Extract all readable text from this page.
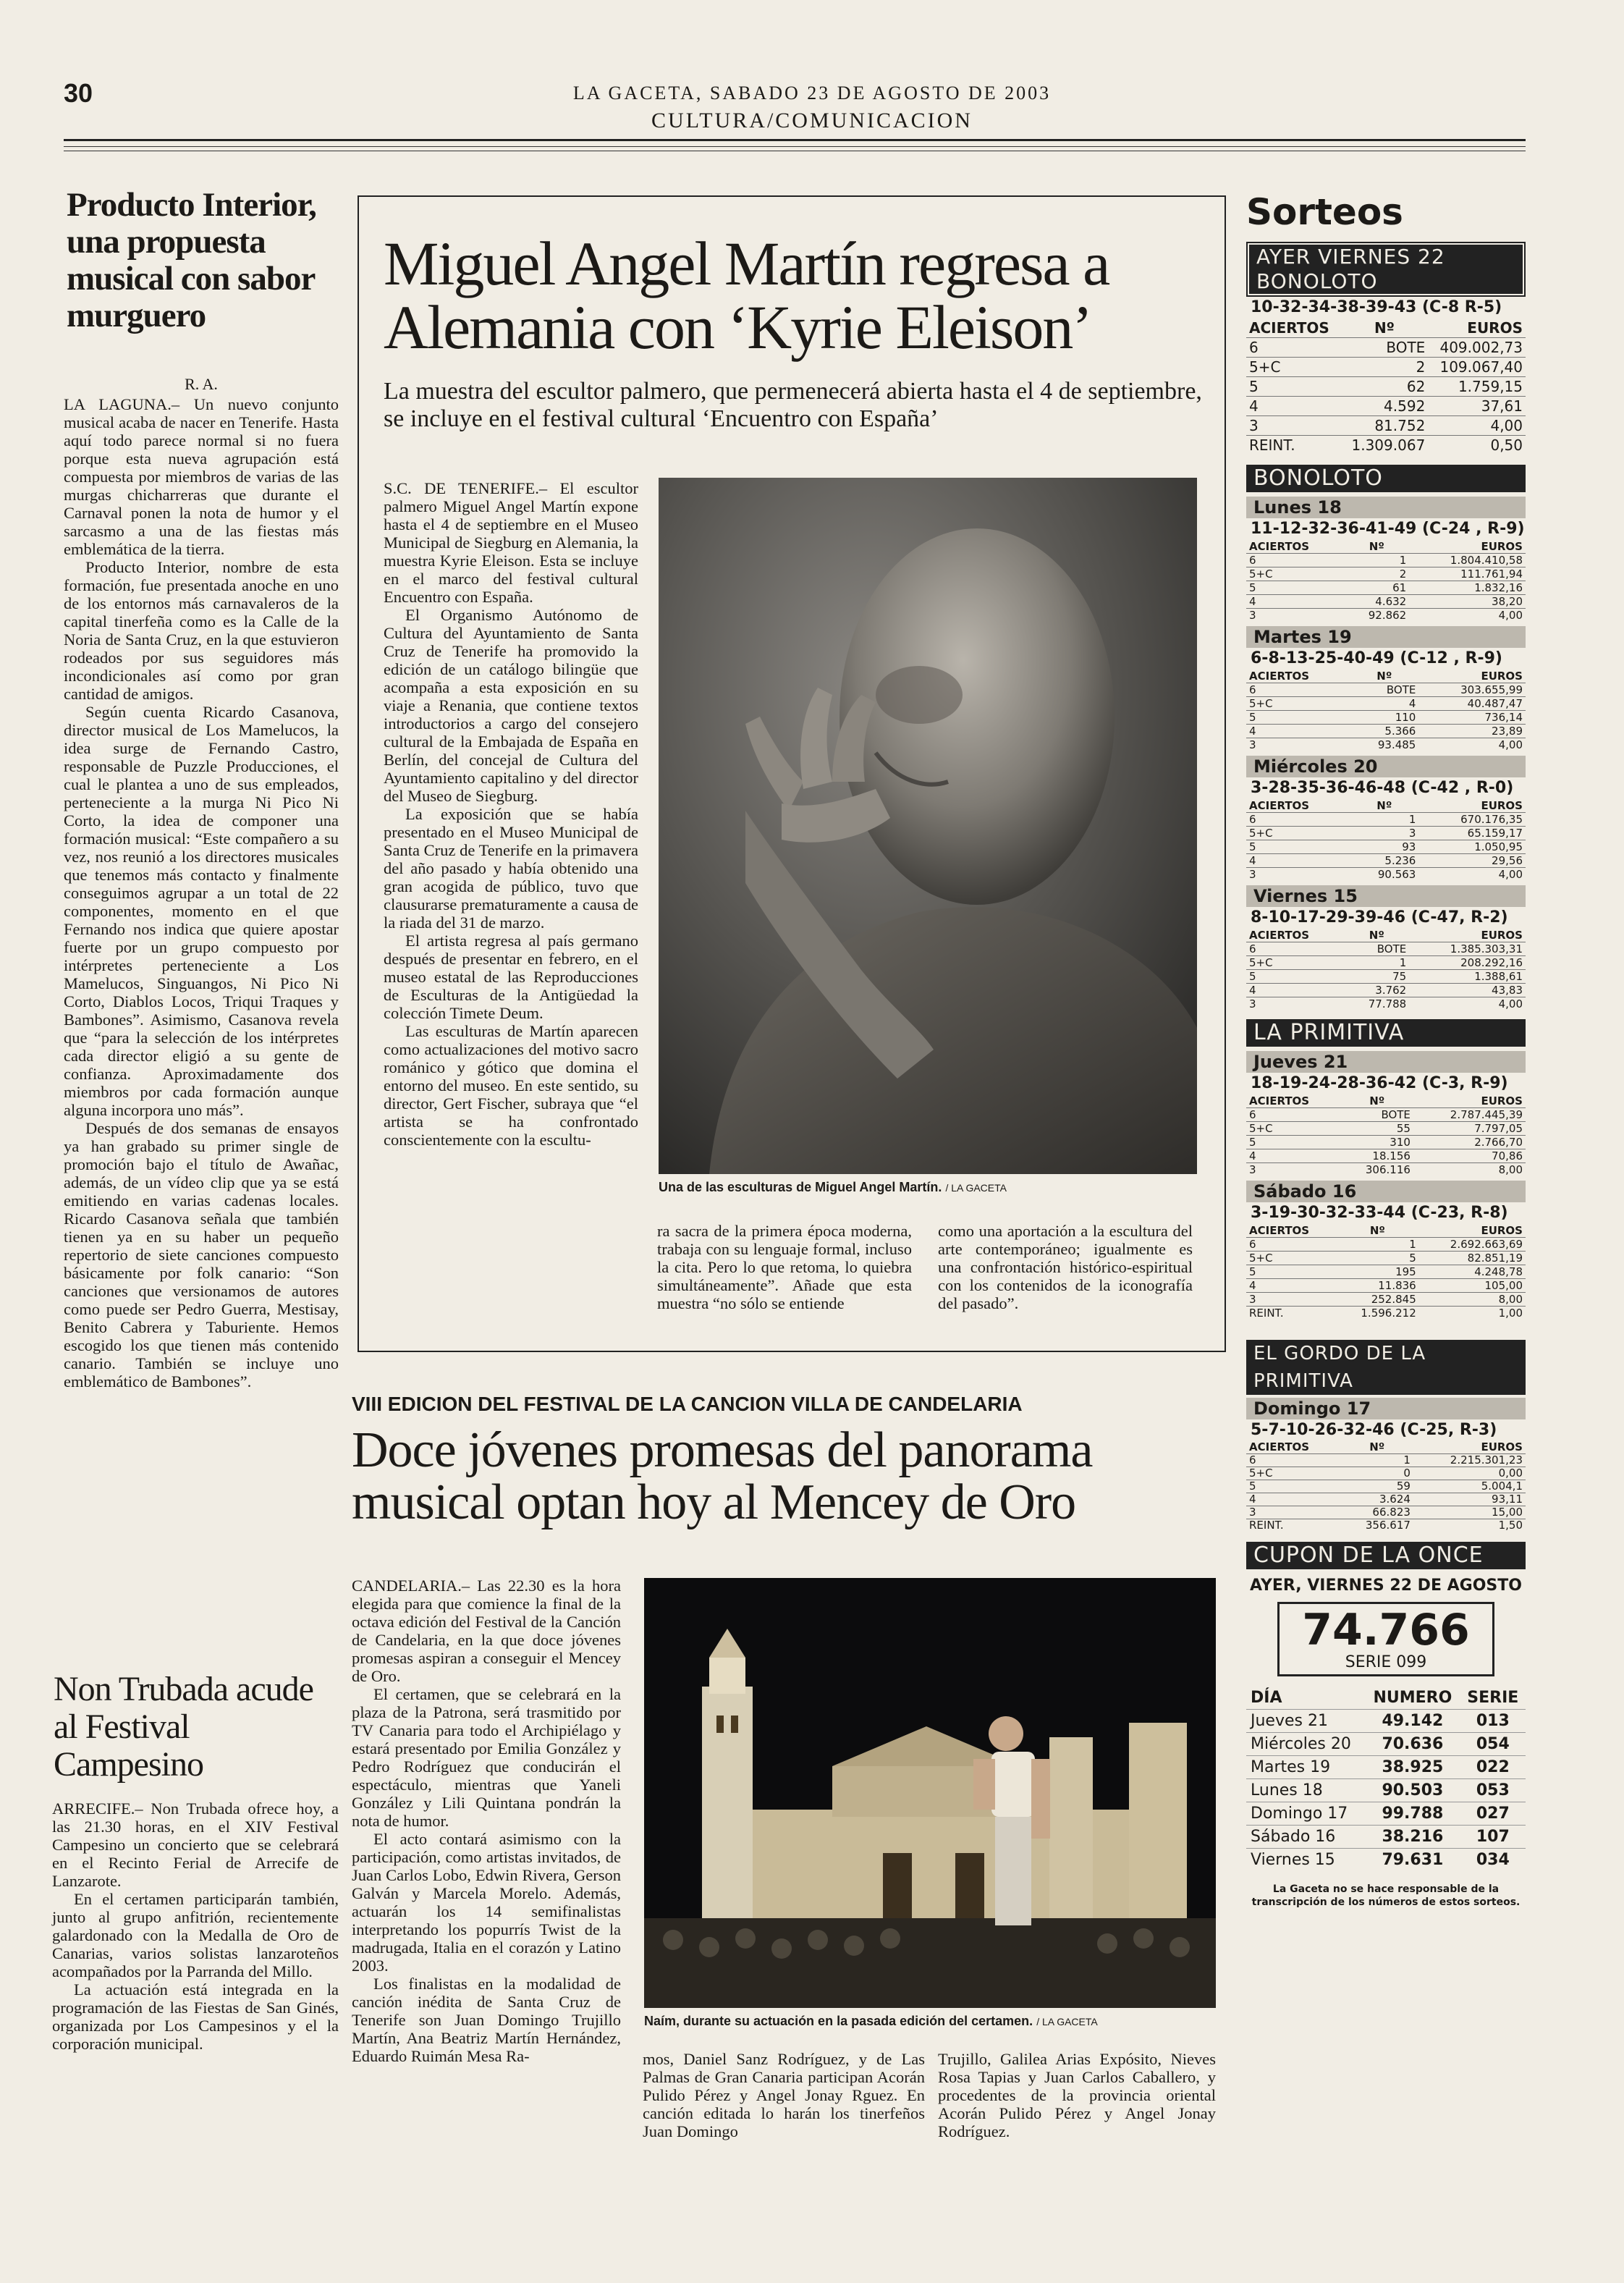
30	LA GACETA, SABADO 23 DE AGOSTO DE 2003
CULTURA/COMUNICACION
Producto Interior, una propuesta musical con sabor murguero
R. A.

LA LAGUNA.– Un nuevo conjunto musical acaba de nacer en Tenerife. Hasta aquí todo parece normal si no fuera porque esta nueva agrupación está compuesta por miembros de varias de las murgas chicharreras que durante el Carnaval ponen la nota de humor y el sarcasmo a una de las fiestas más emblemática de la tierra.

Producto Interior, nombre de esta formación, fue presentada anoche en uno de los entornos más carnavaleros de la capital tinerfeña como es la Calle de la Noria de Santa Cruz, en la que estuvieron rodeados por sus seguidores más incondicionales así como por gran cantidad de amigos.

Según cuenta Ricardo Casanova, director musical de Los Mamelucos, la idea surge de Fernando Castro, responsable de Puzzle Producciones, el cual le plantea a uno de sus empleados, perteneciente a la murga Ni Pico Ni Corto, la idea de componer una formación musical: “Este compañero a su vez, nos reunió a los directores musicales que tenemos más contacto y finalmente conseguimos agrupar a un total de 22 componentes, momento en el que Fernando nos indica que quiere apostar fuerte por un grupo compuesto por intérpretes perteneciente a Los Mamelucos, Singuangos, Ni Pico Ni Corto, Diablos Locos, Triqui Traques y Bambones”. Asimismo, Casanova revela que “para la selección de los intérpretes cada director eligió a su gente de confianza. Aproximadamente dos miembros por cada formación aunque alguna incorpora uno más”.

Después de dos semanas de ensayos ya han grabado su primer single de promoción bajo el título de Awañac, además, de un vídeo clip que ya se está emitiendo en varias cadenas locales. Ricardo Casanova señala que también tienen ya en su haber un pequeño repertorio de siete canciones compuesto básicamente por folk canario: “Son canciones que versionamos de autores como puede ser Pedro Guerra, Mestisay, Benito Cabrera y Taburiente. Hemos escogido los que tienen más contenido canario. También se incluye uno emblemático de Bambones”.

Non Trubada acude al Festival Campesino

ARRECIFE.– Non Trubada ofrece hoy, a las 21.30 horas, en el XIV Festival Campesino un concierto que se celebrará en el Recinto Ferial de Arrecife de Lanzarote.

En el certamen participarán también, junto al grupo anfitrión, recientemente galardonado con la Medalla de Oro de Canarias, varios solistas lanzaroteños acompañados por la Parranda del Millo.

La actuación está integrada en la programación de las Fiestas de San Ginés, organizada por Los Campesinos y el la corporación municipal.

Miguel Angel Martín regresa a Alemania con ‘Kyrie Eleison’
La muestra del escultor palmero, que permenecerá abierta hasta el 4 de septiembre, se incluye en el festival cultural ‘Encuentro con España’

S.C. DE TENERIFE.– El escultor palmero Miguel Angel Martín expone hasta el 4 de septiembre en el Museo Municipal de Siegburg en Alemania, la muestra Kyrie Eleison. Esta se incluye en el marco del festival cultural Encuentro con España.

El Organismo Autónomo de Cultura del Ayuntamiento de Santa Cruz de Tenerife ha promovido la edición de un catálogo bilingüe que acompaña a esta exposición en su viaje a Renania, que contiene textos introductorios a cargo del consejero cultural de la Embajada de España en Berlín, del concejal de Cultura del Ayuntamiento capitalino y del director del Museo de Siegburg.

La exposición que se había presentado en el Museo Municipal de Santa Cruz de Tenerife en la primavera del año pasado y había obtenido una gran acogida de público, tuvo que clausurarse prematuramente a causa de la riada del 31 de marzo.

El artista regresa al país germano después de presentar en febrero, en el museo estatal de las Reproducciones de Esculturas de la Antigüedad la colección Timete Deum.

Las esculturas de Martín aparecen como actualizaciones del motivo sacro románico y gótico que domina el entorno del museo. En este sentido, su director, Gert Fischer, subraya que “el artista se ha confrontado conscientemente con la escultu-

Una de las esculturas de Miguel Angel Martín. / LA GACETA

ra sacra de la primera época moderna, trabaja con su lenguaje formal, incluso la cita. Pero lo que retoma, lo quiebra simultáneamente”. Añade que esta muestra “no sólo se entiende

como una aportación a la escultura del arte contemporáneo; igualmente es una confrontación histórico-espiritual con los contenidos de la iconografía del pasado”.

VIII EDICION DEL FESTIVAL DE LA CANCION VILLA DE CANDELARIA
Doce jóvenes promesas del panorama musical optan hoy al Mencey de Oro

CANDELARIA.– Las 22.30 es la hora elegida para que comience la final de la octava edición del Festival de la Canción de Candelaria, en la que doce jóvenes promesas aspiran a conseguir el Mencey de Oro.

El certamen, que se celebrará en la plaza de la Patrona, será trasmitido por TV Canaria para todo el Archipiélago y estará presentado por Emilia González y Pedro Rodríguez que conducirán el espectáculo, mientras que Yaneli González y Lili Quintana pondrán la nota de humor.

El acto contará asimismo con la participación, como artistas invitados, de Juan Carlos Lobo, Edwin Rivera, Gerson Galván y Marcela Morelo. Además, actuarán los 14 semifinalistas interpretando los popurrís Twist de la madrugada, Italia en el corazón y Latino 2003.

Los finalistas en la modalidad de canción inédita de Santa Cruz de Tenerife son Juan Domingo Trujillo Martín, Ana Beatriz Martín Hernández, Eduardo Ruimán Mesa Ra-

Naím, durante su actuación en la pasada edición del certamen. / LA GACETA

mos, Daniel Sanz Rodríguez, y de Las Palmas de Gran Canaria participan Acorán Pulido Pérez y Angel Jonay Rguez. En canción editada lo harán los tinerfeños Juan Domingo

Trujillo, Galilea Arias Expósito, Nieves Rosa Tapias y Juan Carlos Caballero, y procedentes de la provincia oriental Acorán Pulido Pérez y Angel Jonay Rodríguez.

Sorteos
AYER VIERNES 22
BONOLOTO
10-32-34-38-39-43 (C-8 R-5)
ACIERTOS	Nº	EUROS
6	BOTE	409.002,73
5+C	2	109.067,40
5	62	1.759,15
4	4.592	37,61
3	81.752	4,00
REINT.	1.309.067	0,50
BONOLOTO
Lunes 18
11-12-32-36-41-49 (C-24 , R-9)
ACIERTOS	Nº	EUROS
6	1	1.804.410,58
5+C	2	111.761,94
5	61	1.832,16
4	4.632	38,20
3	92.862	4,00
Martes 19
6-8-13-25-40-49 (C-12 , R-9)
ACIERTOS	Nº	EUROS
6	BOTE	303.655,99
5+C	4	40.487,47
5	110	736,14
4	5.366	23,89
3	93.485	4,00
Miércoles 20
3-28-35-36-46-48 (C-42 , R-0)
ACIERTOS	Nº	EUROS
6	1	670.176,35
5+C	3	65.159,17
5	93	1.050,95
4	5.236	29,56
3	90.563	4,00
Viernes 15
8-10-17-29-39-46 (C-47, R-2)
ACIERTOS	Nº	EUROS
6	BOTE	1.385.303,31
5+C	1	208.292,16
5	75	1.388,61
4	3.762	43,83
3	77.788	4,00
LA PRIMITIVA
Jueves 21
18-19-24-28-36-42 (C-3, R-9)
ACIERTOS	Nº	EUROS
6	BOTE	2.787.445,39
5+C	55	7.797,05
5	310	2.766,70
4	18.156	70,86
3	306.116	8,00
Sábado 16
3-19-30-32-33-44 (C-23, R-8)
ACIERTOS	Nº	EUROS
6	1	2.692.663,69
5+C	5	82.851,19
5	195	4.248,78
4	11.836	105,00
3	252.845	8,00
REINT.	1.596.212	1,00
EL GORDO DE LA PRIMITIVA
Domingo 17
5-7-10-26-32-46 (C-25, R-3)
ACIERTOS	Nº	EUROS
6	1	2.215.301,23
5+C	0	0,00
5	59	5.004,1
4	3.624	93,11
3	66.823	15,00
REINT.	356.617	1,50
CUPON DE LA ONCE
AYER, VIERNES 22 DE AGOSTO
74.766
SERIE 099
DÍA	NUMERO	SERIE
Jueves 21	49.142	013
Miércoles 20	70.636	054
Martes 19	38.925	022
Lunes 18	90.503	053
Domingo 17	99.788	027
Sábado 16	38.216	107
Viernes 15	79.631	034
La Gaceta no se hace responsable de la transcripción de los números de estos sorteos.
